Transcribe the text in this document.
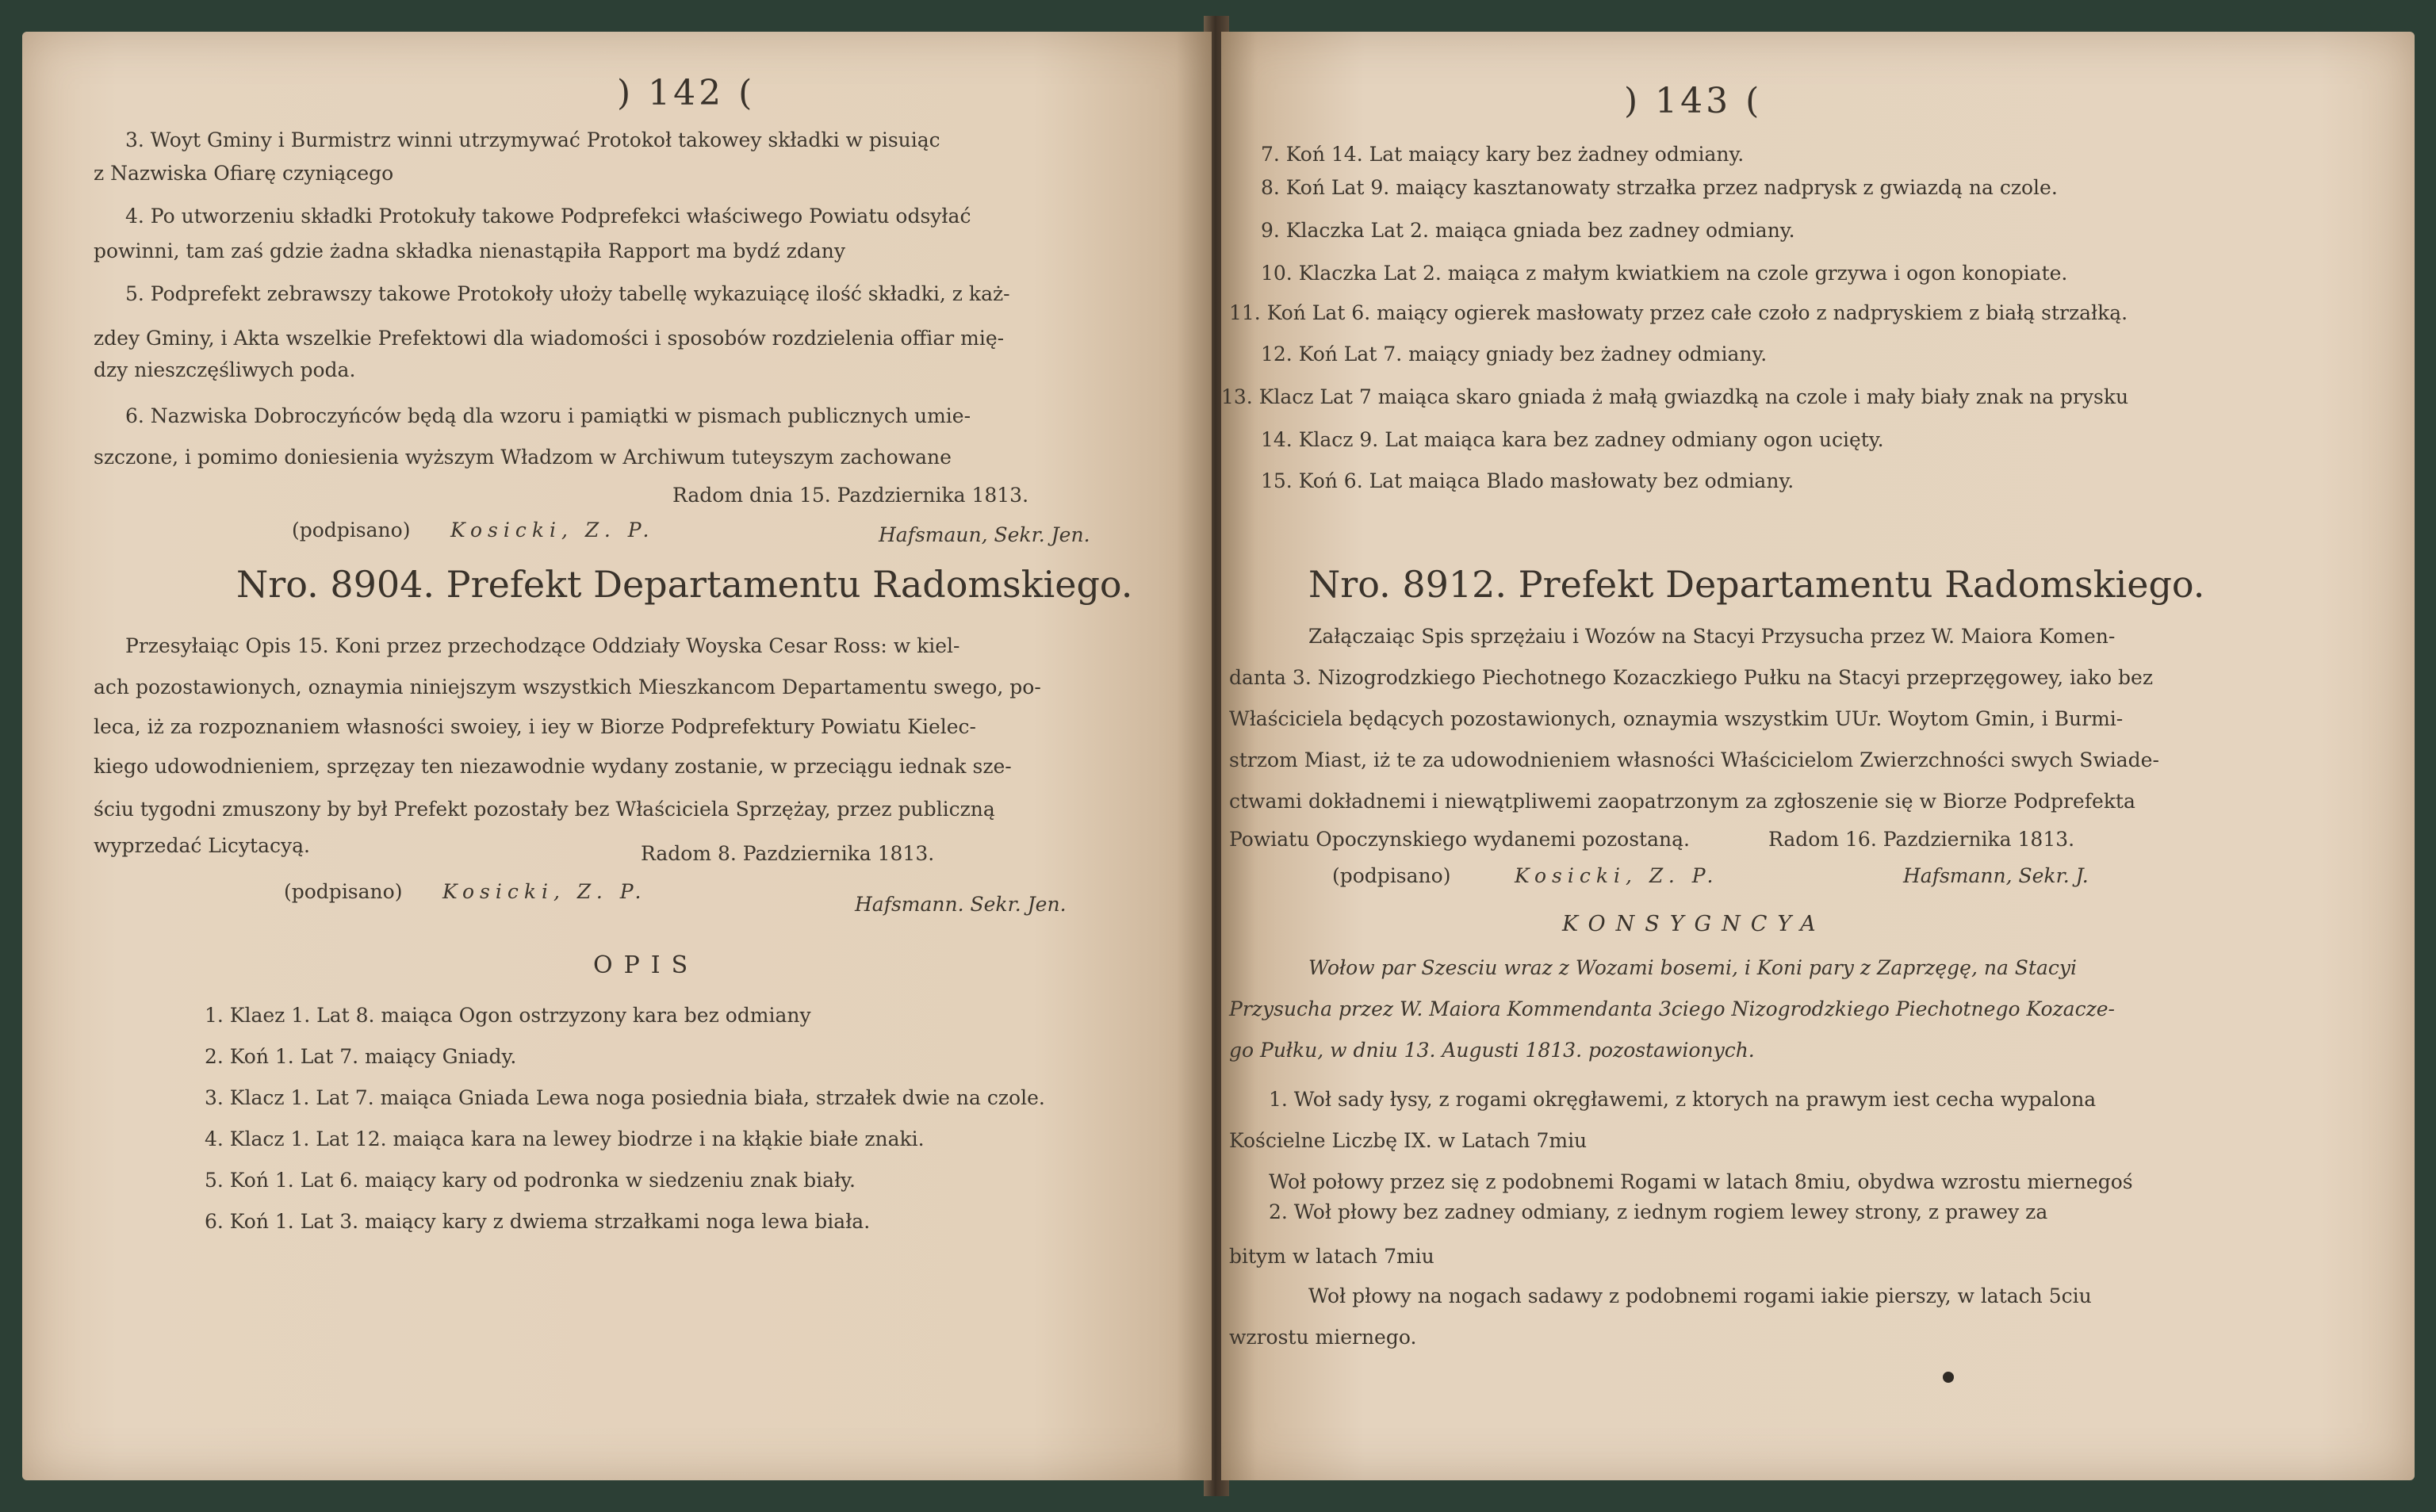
) 142 (
3. Woyt Gminy i Burmistrz winni utrzymywać Protokoł takowey składki w pisuiąc
z Nazwiska Ofiarę czyniącego
4. Po utworzeniu składki Protokuły takowe Podprefekci właściwego Powiatu odsyłać
powinni, tam zaś gdzie żadna składka nienastąpiła Rapport ma bydź zdany
5. Podprefekt zebrawszy takowe Protokoły ułoży tabellę wykazuiącę ilość składki, z każ-
zdey Gminy, i Akta wszelkie Prefektowi dla wiadomości i sposobów rozdzielenia offiar mię-
dzy nieszczęśliwych poda.
6. Nazwiska Dobroczyńców będą dla wzoru i pamiątki w pismach publicznych umie-
szczone, i pomimo doniesienia wyższym Władzom w Archiwum tuteyszym zachowane
Radom dnia 15. Pazdziernika 1813.
(podpisano) Kosicki, Z. P.	Hafsmaun, Sekr. Jen.
Nro. 8904. Prefekt Departamentu Radomskiego.
Przesyłaiąc Opis 15. Koni przez przechodzące Oddziały Woyska Cesar Ross: w kiel-
ach pozostawionych, oznaymia niniejszym wszystkich Mieszkancom Departamentu swego, po-
leca, iż za rozpoznaniem własności swoiey, i iey w Biorze Podprefektury Powiatu Kielec-
kiego udowodnieniem, sprzęzay ten niezawodnie wydany zostanie, w przeciągu iednak sze-
ściu tygodni zmuszony by był Prefekt pozostały bez Właściciela Sprzężay, przez publiczną
wyprzedać Licytacyą.	Radom 8. Pazdziernika 1813.
(podpisano) Kosicki, Z. P.
Hafsmann. Sekr. Jen.
OPIS
1. Klaez 1. Lat 8. maiąca Ogon ostrzyzony kara bez odmiany
2. Koń 1. Lat 7. maiący Gniady.
3. Klacz 1. Lat 7. maiąca Gniada Lewa noga posiednia biała, strzałek dwie na czole.
4. Klacz 1. Lat 12. maiąca kara na lewey biodrze i na kłąkie białe znaki.
5. Koń 1. Lat 6. maiący kary od podronka w siedzeniu znak biały.
6. Koń 1. Lat 3. maiący kary z dwiema strzałkami noga lewa biała.
) 143 (
7. Koń 14. Lat maiący kary bez żadney odmiany.
8. Koń Lat 9. maiący kasztanowaty strzałka przez nadprysk z gwiazdą na czole.
9. Klaczka Lat 2. maiąca gniada bez zadney odmiany.
10. Klaczka Lat 2. maiąca z małym kwiatkiem na czole grzywa i ogon konopiate.
11. Koń Lat 6. maiący ogierek masłowaty przez całe czoło z nadpryskiem z białą strzałką.
12. Koń Lat 7. maiący gniady bez żadney odmiany.
13. Klacz Lat 7 maiąca skaro gniada ż małą gwiazdką na czole i mały biały znak na prysku
14. Klacz 9. Lat maiąca kara bez zadney odmiany ogon ucięty.
15. Koń 6. Lat maiąca Blado masłowaty bez odmiany.
Nro. 8912. Prefekt Departamentu Radomskiego.
Załączaiąc Spis sprzężaiu i Wozów na Stacyi Przysucha przez W. Maiora Komen-
danta 3. Nizogrodzkiego Piechotnego Kozaczkiego Pułku na Stacyi przeprzęgowey, iako bez
Właściciela będących pozostawionych, oznaymia wszystkim UUr. Woytom Gmin, i Burmi-
strzom Miast, iż te za udowodnieniem własności Właścicielom Zwierzchności swych Swiade-
ctwami dokładnemi i niewątpliwemi zaopatrzonym za zgłoszenie się w Biorze Podprefekta
Powiatu Opoczynskiego wydanemi pozostaną.	Radom 16. Pazdziernika 1813.
(podpisano)	Kosicki, Z. P.	Hafsmann, Sekr. J.
KONSYGNCYA
Wołow par Szesciu wraz z Wozami bosemi, i Koni pary z Zaprzęgę, na Stacyi
Przysucha przez W. Maiora Kommendanta 3ciego Nizogrodzkiego Piechotnego Kozacze-
go Pułku, w dniu 13. Augusti 1813. pozostawionych.
1. Woł sady łysy, z rogami okręgławemi, z ktorych na prawym iest cecha wypalona
Kościelne Liczbę IX. w Latach 7miu
Woł połowy przez się z podobnemi Rogami w latach 8miu, obydwa wzrostu miernegoś
2. Woł płowy bez zadney odmiany, z iednym rogiem lewey strony, z prawey za
bitym w latach 7miu
Woł płowy na nogach sadawy z podobnemi rogami iakie pierszy, w latach 5ciu
wzrostu miernego.
